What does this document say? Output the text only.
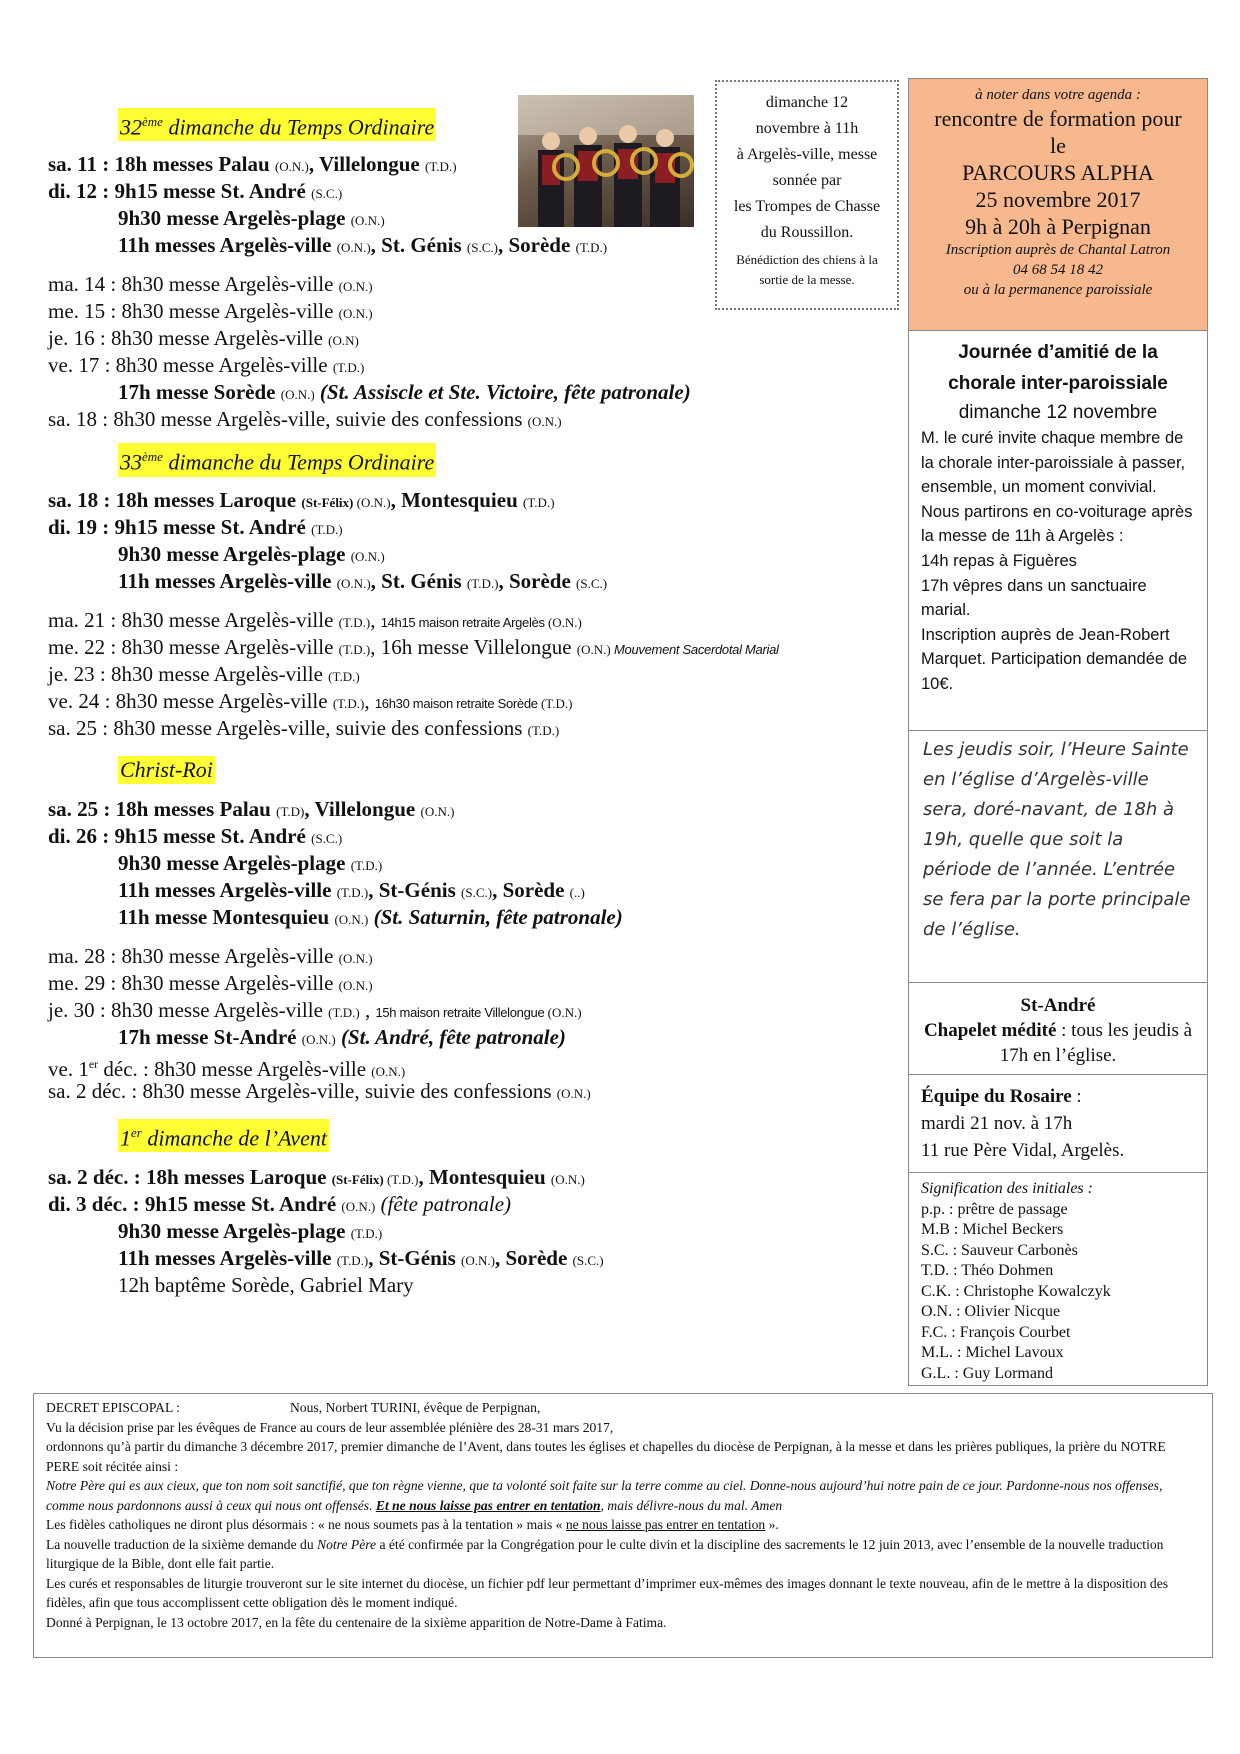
32ème dimanche du Temps Ordinaire
sa. 11 : 18h messes Palau (O.N.), Villelongue (T.D.)
di. 12 : 9h15 messe St. André (S.C.)
9h30 messe Argelès-plage (O.N.)
11h messes Argelès-ville (O.N.), St. Génis (S.C.), Sorède (T.D.)
ma. 14 : 8h30 messe Argelès-ville (O.N.)
me. 15 : 8h30 messe Argelès-ville (O.N.)
je. 16 : 8h30 messe Argelès-ville (O.N)
ve. 17 : 8h30 messe Argelès-ville (T.D.)
17h messe Sorède (O.N.) (St. Assiscle et Ste. Victoire, fête patronale)
sa. 18 : 8h30 messe Argelès-ville, suivie des confessions (O.N.)
33ème dimanche du Temps Ordinaire
sa. 18 : 18h messes Laroque (St-Félix) (O.N.), Montesquieu (T.D.)
di. 19 : 9h15 messe St. André (T.D.)
9h30 messe Argelès-plage (O.N.)
11h messes Argelès-ville (O.N.), St. Génis (T.D.), Sorède (S.C.)
ma. 21 : 8h30 messe Argelès-ville (T.D.), 14h15 maison retraite Argelès (O.N.)
me. 22 : 8h30 messe Argelès-ville (T.D.), 16h messe Villelongue (O.N.) Mouvement Sacerdotal Marial
je. 23 : 8h30 messe Argelès-ville (T.D.)
ve. 24 : 8h30 messe Argelès-ville (T.D.), 16h30 maison retraite Sorède (T.D.)
sa. 25 : 8h30 messe Argelès-ville, suivie des confessions (T.D.)
Christ-Roi
sa. 25 : 18h messes Palau (T.D), Villelongue (O.N.)
di. 26 : 9h15 messe St. André (S.C.)
9h30 messe Argelès-plage (T.D.)
11h messes Argelès-ville (T.D.), St-Génis (S.C.), Sorède (..)
11h messe Montesquieu (O.N.) (St. Saturnin, fête patronale)
ma. 28 : 8h30 messe Argelès-ville (O.N.)
me. 29 : 8h30 messe Argelès-ville (O.N.)
je. 30 : 8h30 messe Argelès-ville (T.D.) , 15h maison retraite Villelongue (O.N.)
17h messe St-André (O.N.) (St. André, fête patronale)
ve. 1er déc. : 8h30 messe Argelès-ville (O.N.)
sa. 2 déc. : 8h30 messe Argelès-ville, suivie des confessions (O.N.)
1er dimanche de l’Avent
sa. 2 déc. : 18h messes Laroque (St-Félix) (T.D.), Montesquieu (O.N.)
di. 3 déc. : 9h15 messe St. André (O.N.) (fête patronale)
9h30 messe Argelès-plage (T.D.)
11h messes Argelès-ville (T.D.), St-Génis (O.N.), Sorède (S.C.)
12h baptême Sorède, Gabriel Mary
dimanche 12
novembre à 11h
à Argelès-ville, messe
sonnée par
les Trompes de Chasse
du Roussillon.
Bénédiction des chiens à la
sortie de la messe.
à noter dans votre agenda :
rencontre de formation pour
le
PARCOURS ALPHA
25 novembre 2017
9h à 20h à Perpignan
Inscription auprès de Chantal Latron
04 68 54 18 42
ou à la permanence paroissiale
Journée d’amitié de la
chorale inter-paroissiale
dimanche 12 novembre

M. le curé invite chaque membre de la chorale inter-paroissiale à passer, ensemble, un moment convivial. Nous partirons en co-voiturage après la messe de 11h à Argelès :

14h repas à Figuères

17h vêpres dans un sanctuaire marial.

Inscription auprès de Jean-Robert Marquet. Participation demandée de 10€.

Les jeudis soir, l’Heure Sainte en l’église d’Argelès-ville sera, doré-navant, de 18h à 19h, quelle que soit la période de l’année. L’entrée se fera par la porte principale de l’église.
St-André
Chapelet médité : tous les jeudis à 17h en l’église.
Équipe du Rosaire :
mardi 21 nov. à 17h
11 rue Père Vidal, Argelès.
Signification des initiales :
p.p. : prêtre de passage
M.B : Michel Beckers
S.C. : Sauveur Carbonès
T.D. : Théo Dohmen
C.K. : Christophe Kowalczyk
O.N. : Olivier Nicque
F.C. : François Courbet
M.L. : Michel Lavoux
G.L. : Guy Lormand

DECRET EPISCOPAL :	Nous, Norbert TURINI, évêque de Perpignan,

Vu la décision prise par les évêques de France au cours de leur assemblée plénière des 28-31 mars 2017,

ordonnons qu’à partir du dimanche 3 décembre 2017, premier dimanche de l’Avent, dans toutes les églises et chapelles du diocèse de Perpignan, à la messe et dans les prières publiques, la prière du NOTRE PERE soit récitée ainsi :

Notre Père qui es aux cieux, que ton nom soit sanctifié, que ton règne vienne, que ta volonté soit faite sur la terre comme au ciel. Donne-nous aujourd’hui notre pain de ce jour. Pardonne-nous nos offenses, comme nous pardonnons aussi à ceux qui nous ont offensés. Et ne nous laisse pas entrer en tentation, mais délivre-nous du mal. Amen

Les fidèles catholiques ne diront plus désormais : « ne nous soumets pas à la tentation » mais « ne nous laisse pas entrer en tentation ».

La nouvelle traduction de la sixième demande du Notre Père a été confirmée par la Congrégation pour le culte divin et la discipline des sacrements le 12 juin 2013, avec l’ensemble de la nouvelle traduction liturgique de la Bible, dont elle fait partie.

Les curés et responsables de liturgie trouveront sur le site internet du diocèse, un fichier pdf leur permettant d’imprimer eux-mêmes des images donnant le texte nouveau, afin de le mettre à la disposition des fidèles, afin que tous accomplissent cette obligation dès le moment indiqué.

Donné à Perpignan, le 13 octobre 2017, en la fête du centenaire de la sixième apparition de Notre-Dame à Fatima.
